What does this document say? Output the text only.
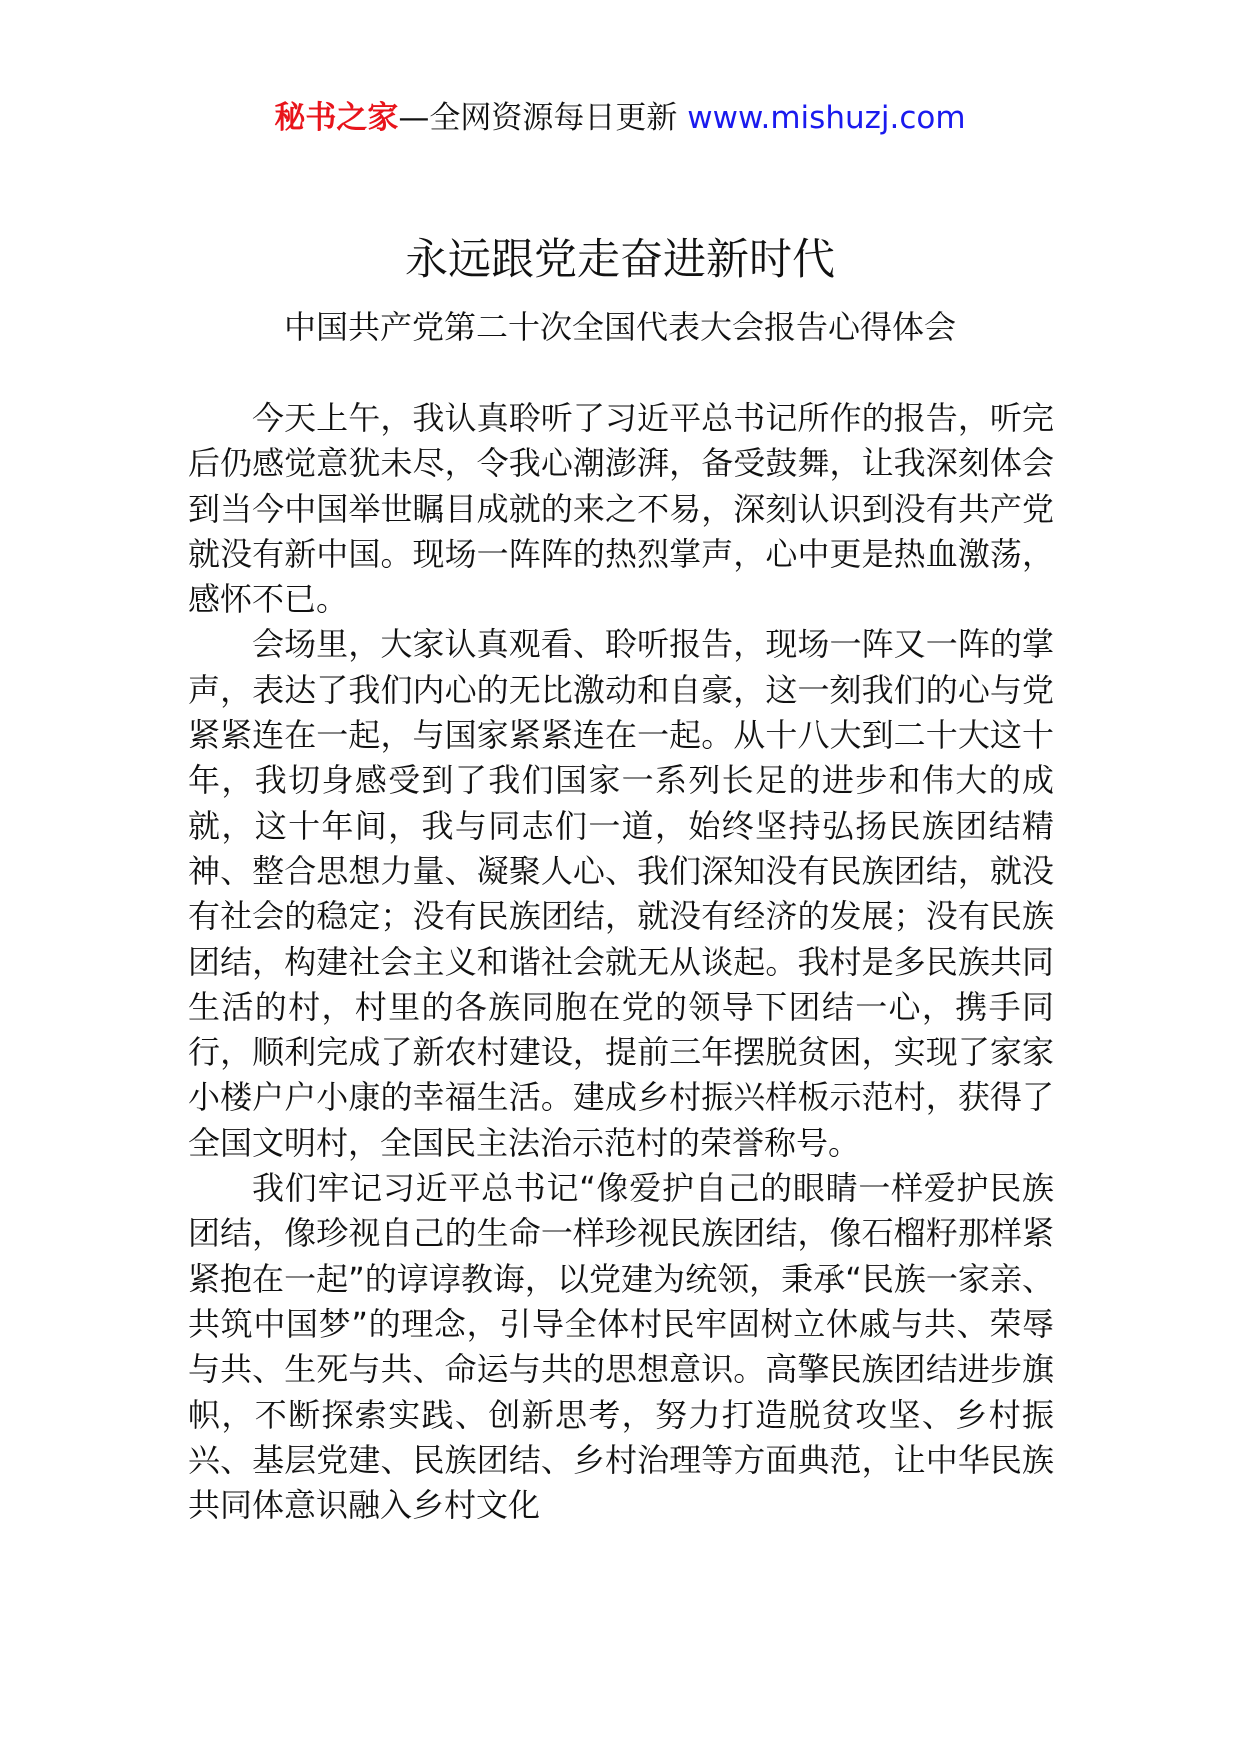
秘书之家—全网资源每日更新 www.mishuzj.com
永远跟党走奋进新时代
中国共产党第二十次全国代表大会报告心得体会

今天上午，我认真聆听了习近平总书记所作的报告，听完后仍感觉意犹未尽，令我心潮澎湃，备受鼓舞，让我深刻体会到当今中国举世瞩目成就的来之不易，深刻认识到没有共产党就没有新中国。现场一阵阵的热烈掌声，心中更是热血激荡，感怀不已。

会场里，大家认真观看、聆听报告，现场一阵又一阵的掌声，表达了我们内心的无比激动和自豪，这一刻我们的心与党紧紧连在一起，与国家紧紧连在一起。从十八大到二十大这十年，我切身感受到了我们国家一系列长足的进步和伟大的成就，这十年间，我与同志们一道，始终坚持弘扬民族团结精神、整合思想力量、凝聚人心、我们深知没有民族团结，就没有社会的稳定；没有民族团结，就没有经济的发展；没有民族团结，构建社会主义和谐社会就无从谈起。我村是多民族共同生活的村，村里的各族同胞在党的领导下团结一心，携手同行，顺利完成了新农村建设，提前三年摆脱贫困，实现了家家小楼户户小康的幸福生活。建成乡村振兴样板示范村，获得了全国文明村，全国民主法治示范村的荣誉称号。

我们牢记习近平总书记“像爱护自己的眼睛一样爱护民族团结，像珍视自己的生命一样珍视民族团结，像石榴籽那样紧紧抱在一起”的谆谆教诲，以党建为统领，秉承“民族一家亲、共筑中国梦”的理念，引导全体村民牢固树立休戚与共、荣辱与共、生死与共、命运与共的思想意识。高擎民族团结进步旗帜，不断探索实践、创新思考，努力打造脱贫攻坚、乡村振兴、基层党建、民族团结、乡村治理等方面典范，让中华民族共同体意识融入乡村文化
